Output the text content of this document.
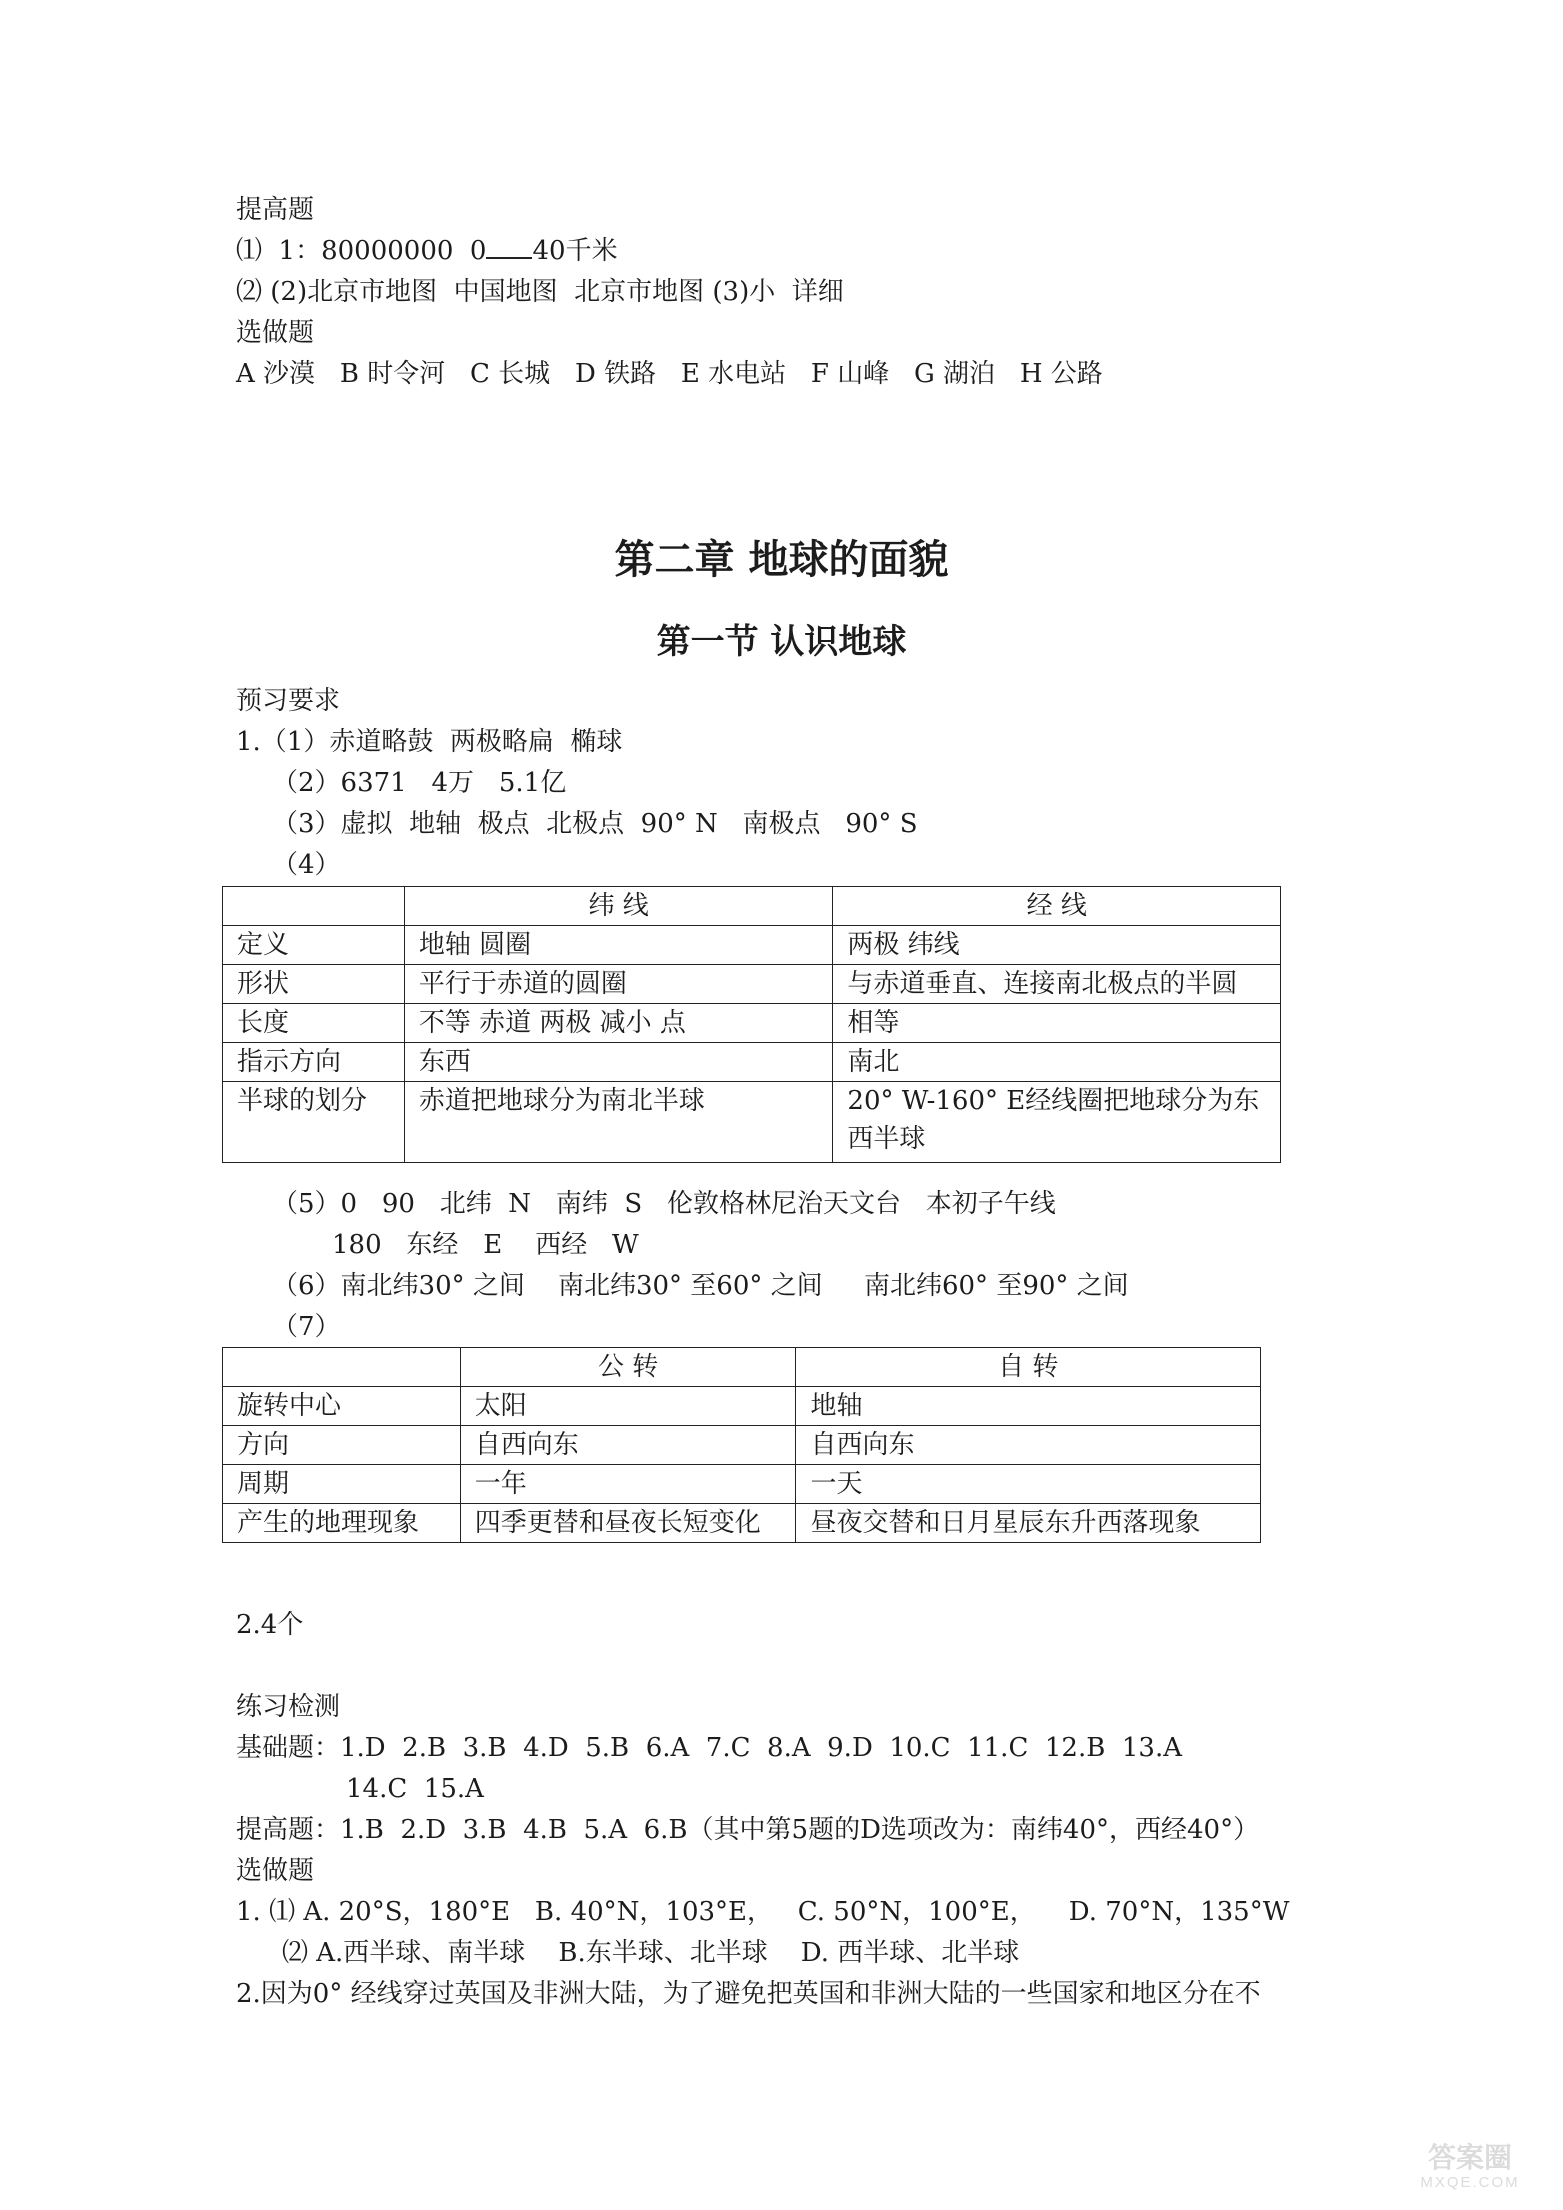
提高题
⑴  1：80000000  0 40千米
⑵ (2)北京市地图  中国地图  北京市地图 (3)小  详细
选做题
A 沙漠   B 时令河   C 长城   D 铁路   E 水电站   F 山峰   G 湖泊   H 公路
第二章 地球的面貌
第一节 认识地球
预习要求
1.（1）赤道略鼓  两极略扁  椭球
（2）6371   4万   5.1亿
（3）虚拟  地轴  极点  北极点  90° N   南极点   90° S
（4）
	纬 线	经 线
定义	地轴 圆圈	两极 纬线
形状	平行于赤道的圆圈	与赤道垂直、连接南北极点的半圆
长度	不等 赤道 两极 减小 点	相等
指示方向	东西	南北
半球的划分	赤道把地球分为南北半球	20° W-160° E经线圈把地球分为东西半球
（5）0   90   北纬  N   南纬  S   伦敦格林尼治天文台   本初子午线
180   东经   E    西经   W
（6）南北纬30° 之间    南北纬30° 至60° 之间     南北纬60° 至90° 之间
（7）
	公 转	自 转
旋转中心	太阳	地轴
方向	自西向东	自西向东
周期	一年	一天
产生的地理现象	四季更替和昼夜长短变化	昼夜交替和日月星辰东升西落现象
2.4个
练习检测
基础题：1.D  2.B  3.B  4.D  5.B  6.A  7.C  8.A  9.D  10.C  11.C  12.B  13.A
14.C  15.A
提高题：1.B  2.D  3.B  4.B  5.A  6.B（其中第5题的D选项改为：南纬40°，西经40°）
选做题
1. ⑴ A. 20°S，180°E   B. 40°N，103°E，   C. 50°N，100°E，    D. 70°N，135°W
⑵ A.西半球、南半球    B.东半球、北半球    D. 西半球、北半球
2.因为0° 经线穿过英国及非洲大陆，为了避免把英国和非洲大陆的一些国家和地区分在不
答案圈
MXQE.COM
